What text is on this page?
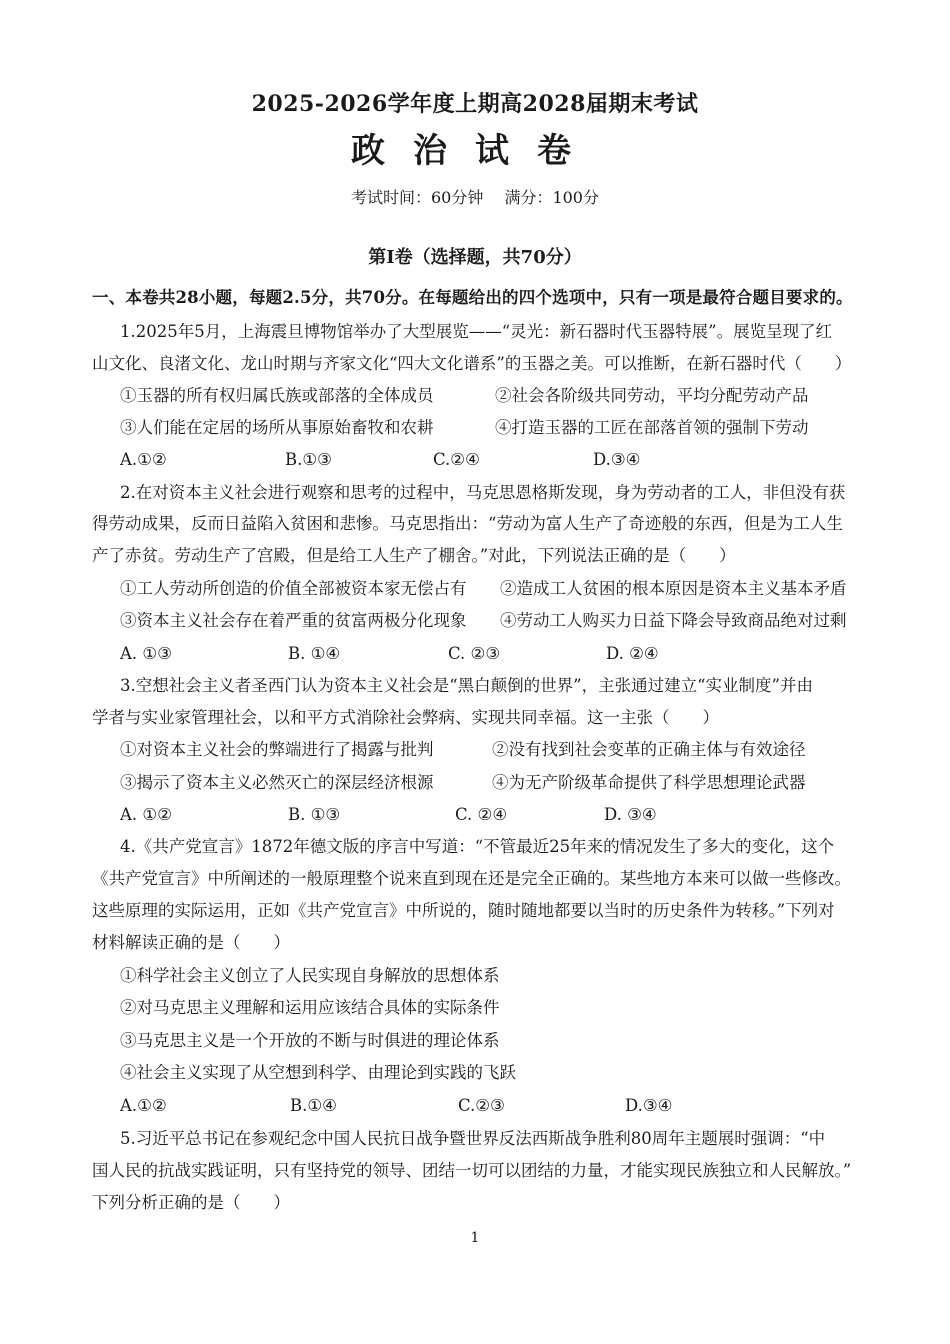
2025-2026学年度上期高2028届期末考试
政治试卷
考试时间：60分钟　 满分：100分
第Ⅰ卷（选择题，共70分）
一、本卷共28小题，每题2.5分，共70分。在每题给出的四个选项中，只有一项是最符合题目要求的。
1.2025年5月，上海震旦博物馆举办了大型展览——“灵光：新石器时代玉器特展”。展览呈现了红
山文化、良渚文化、龙山时期与齐家文化“四大文化谱系”的玉器之美。可以推断，在新石器时代（　　）
①玉器的所有权归属氏族或部落的全体成员	②社会各阶级共同劳动，平均分配劳动产品
③人们能在定居的场所从事原始畜牧和农耕	④打造玉器的工匠在部落首领的强制下劳动
A.①②	B.①③	C.②④	D.③④
2.在对资本主义社会进行观察和思考的过程中，马克思恩格斯发现，身为劳动者的工人，非但没有获
得劳动成果，反而日益陷入贫困和悲惨。马克思指出：“劳动为富人生产了奇迹般的东西，但是为工人生
产了赤贫。劳动生产了宫殿，但是给工人生产了棚舍。”对此，下列说法正确的是（　　）
①工人劳动所创造的价值全部被资本家无偿占有 ②造成工人贫困的根本原因是资本主义基本矛盾
③资本主义社会存在着严重的贫富两极分化现象 ④劳动工人购买力日益下降会导致商品绝对过剩
A. ①③	B. ①④	C. ②③	D. ②④
3.空想社会主义者圣西门认为资本主义社会是“黑白颠倒的世界”，主张通过建立“实业制度”并由
学者与实业家管理社会，以和平方式消除社会弊病、实现共同幸福。这一主张（　　）
①对资本主义社会的弊端进行了揭露与批判	②没有找到社会变革的正确主体与有效途径
③揭示了资本主义必然灭亡的深层经济根源	④为无产阶级革命提供了科学思想理论武器
A. ①②	B. ①③	C. ②④	D. ③④
4.《共产党宣言》1872年德文版的序言中写道：“不管最近25年来的情况发生了多大的变化，这个
《共产党宣言》中所阐述的一般原理整个说来直到现在还是完全正确的。某些地方本来可以做一些修改。
这些原理的实际运用，正如《共产党宣言》中所说的，随时随地都要以当时的历史条件为转移。”下列对
材料解读正确的是（　　）
①科学社会主义创立了人民实现自身解放的思想体系
②对马克思主义理解和运用应该结合具体的实际条件
③马克思主义是一个开放的不断与时俱进的理论体系
④社会主义实现了从空想到科学、由理论到实践的飞跃
A.①②	B.①④	C.②③	D.③④
5.习近平总书记在参观纪念中国人民抗日战争暨世界反法西斯战争胜利80周年主题展时强调：“中
国人民的抗战实践证明，只有坚持党的领导、团结一切可以团结的力量，才能实现民族独立和人民解放。”
下列分析正确的是（　　）
1
